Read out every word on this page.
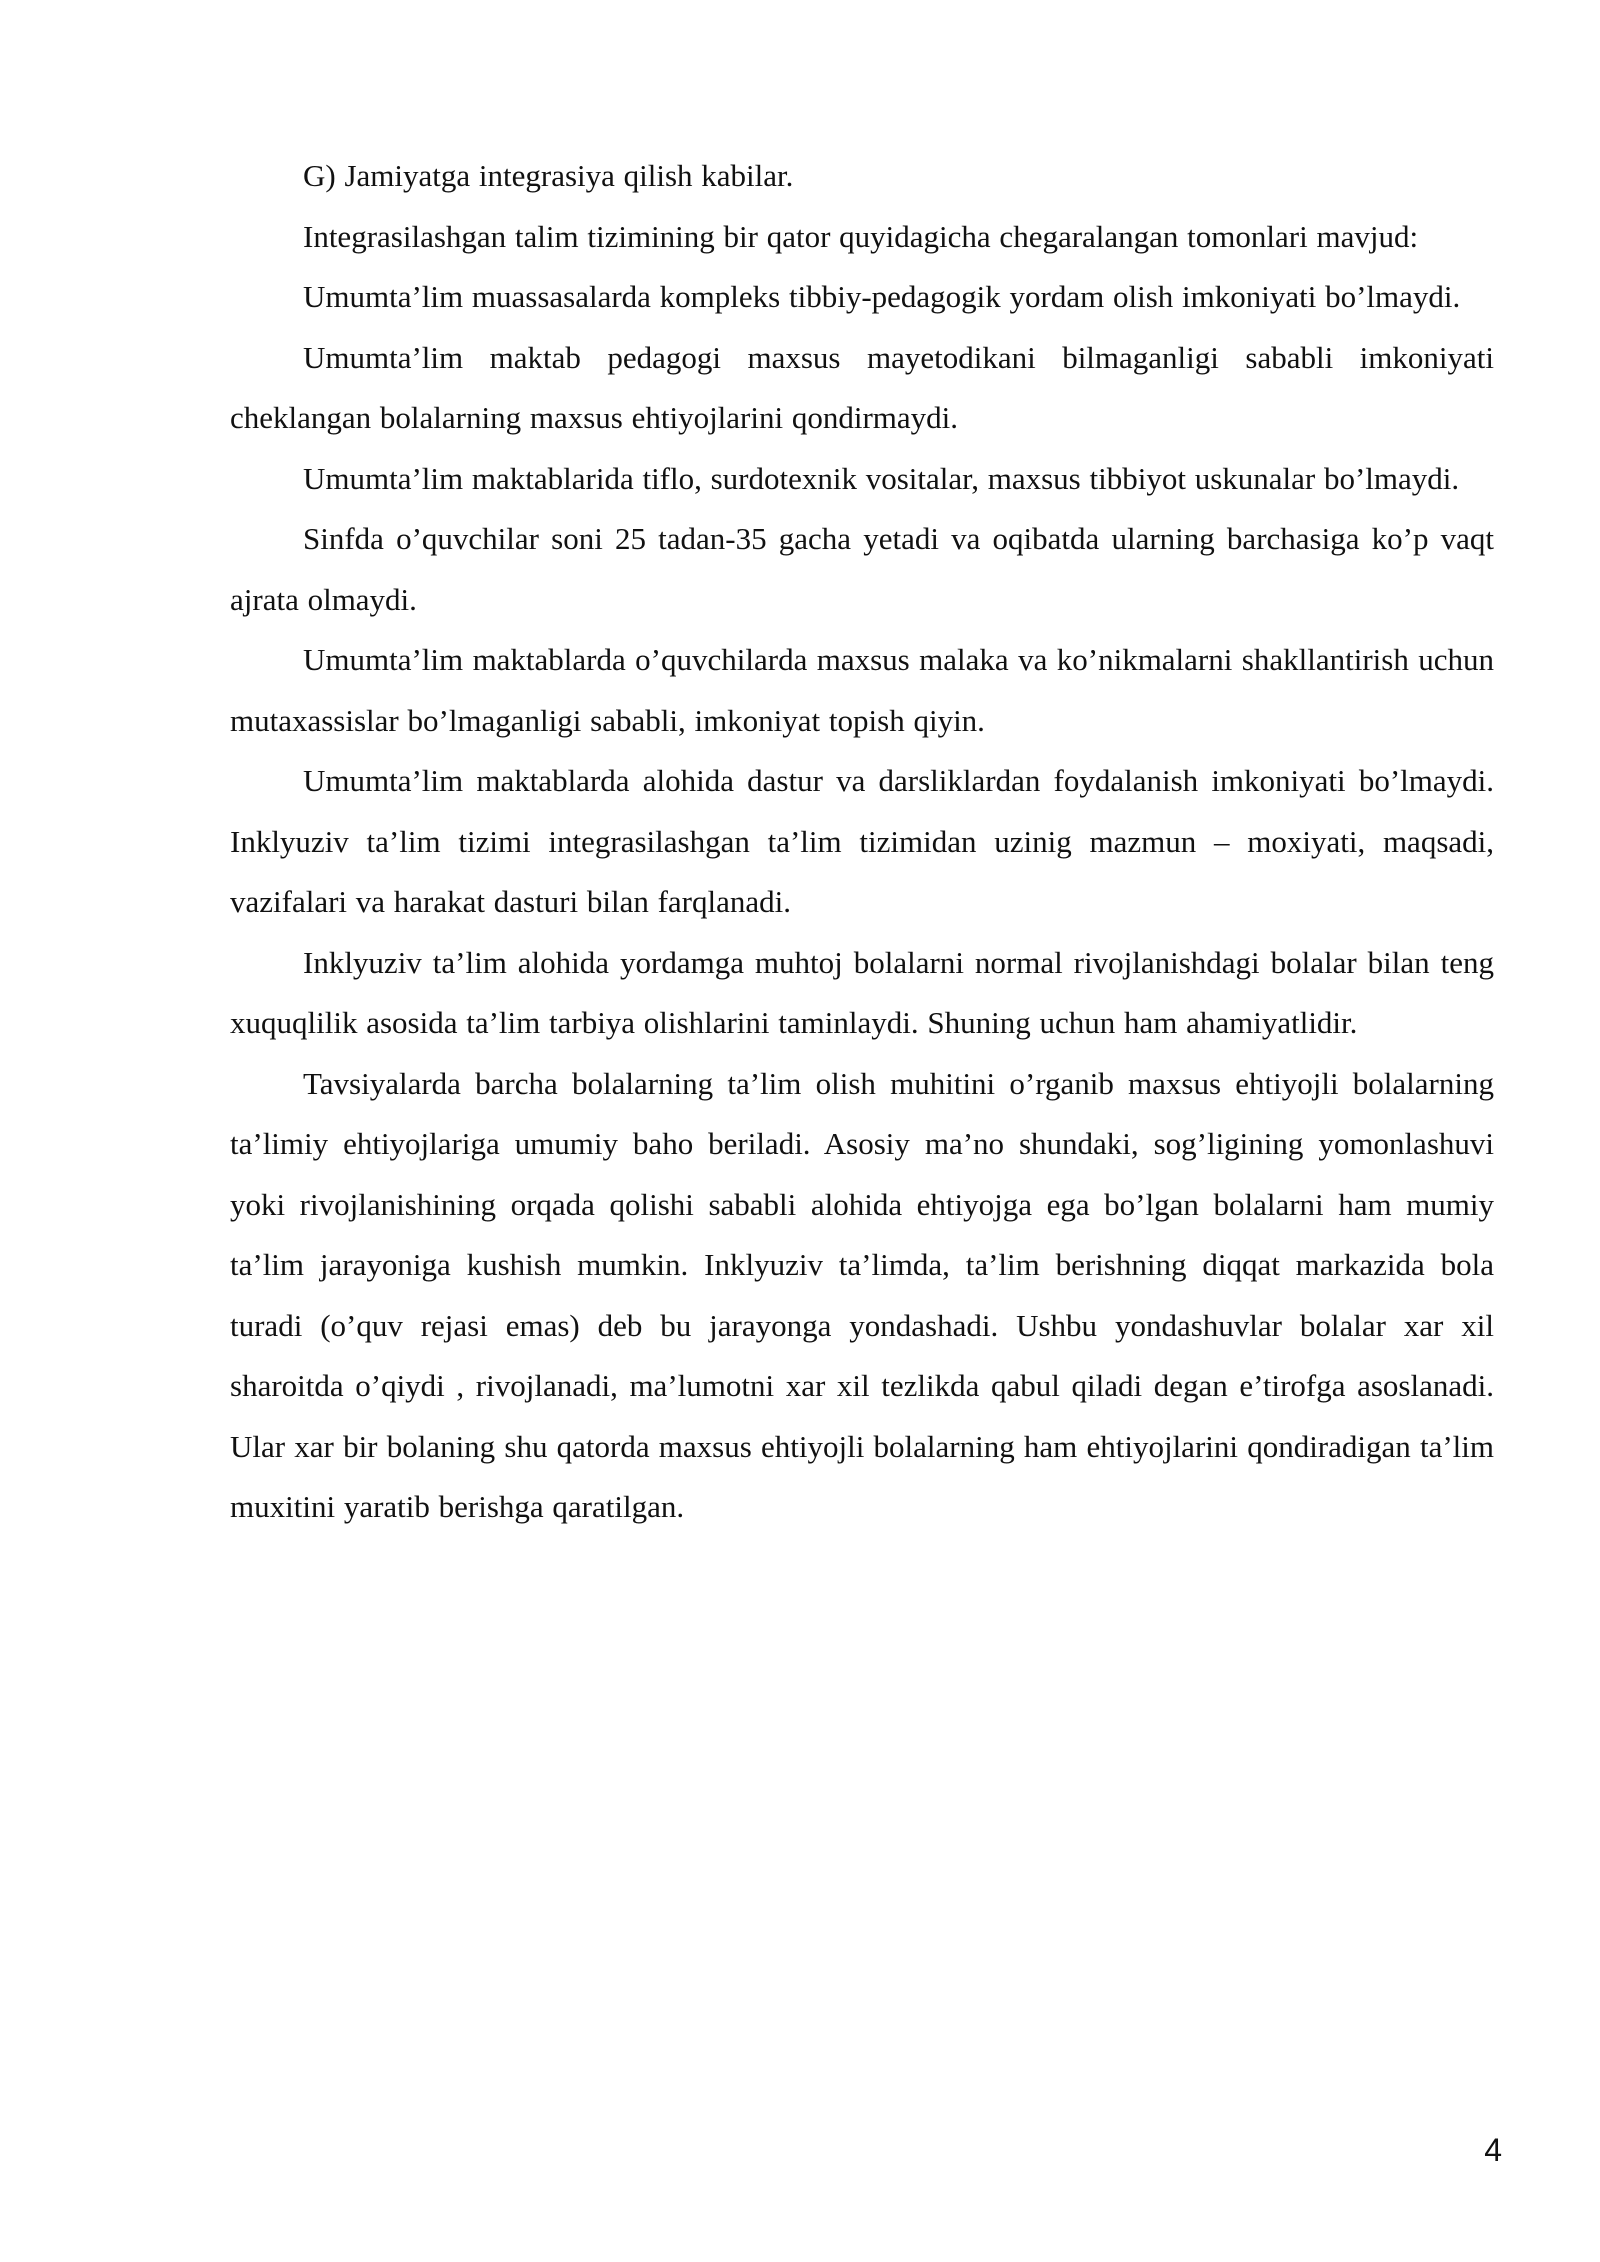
G) Jamiyatga integrasiya qilish kabilar.

Integrasilashgan talim tizimining bir qator quyidagicha chegaralangan tomonlari mavjud:

Umumta’lim muassasalarda kompleks tibbiy-pedagogik yordam olish imkoniyati bo’lmaydi.

Umumta’lim maktab pedagogi maxsus mayetodikani bilmaganligi sababli imkoniyati cheklangan bolalarning maxsus ehtiyojlarini qondirmaydi.

Umumta’lim maktablarida tiflo, surdotexnik vositalar, maxsus tibbiyot uskunalar bo’lmaydi.

Sinfda o’quvchilar soni 25 tadan-35 gacha yetadi va oqibatda ularning barchasiga ko’p vaqt ajrata olmaydi.

Umumta’lim maktablarda o’quvchilarda maxsus malaka va ko’nikmalarni shakllantirish uchun mutaxassislar bo’lmaganligi sababli, imkoniyat topish qiyin.

Umumta’lim maktablarda alohida dastur va darsliklardan foydalanish imkoniyati bo’lmaydi. Inklyuziv ta’lim tizimi integrasilashgan ta’lim tizimidan uzinig mazmun – moxiyati, maqsadi, vazifalari va harakat dasturi bilan farqlanadi.

Inklyuziv ta’lim alohida yordamga muhtoj bolalarni normal rivojlanishdagi bolalar bilan teng xuquqlilik asosida ta’lim tarbiya olishlarini taminlaydi. Shuning uchun ham ahamiyatlidir.

Tavsiyalarda barcha bolalarning ta’lim olish muhitini o’rganib maxsus ehtiyojli bolalarning ta’limiy ehtiyojlariga umumiy baho beriladi. Asosiy ma’no shundaki, sog’ligining yomonlashuvi yoki rivojlanishining orqada qolishi sababli alohida ehtiyojga ega bo’lgan bolalarni ham mumiy ta’lim jarayoniga kushish mumkin. Inklyuziv ta’limda, ta’lim berishning diqqat markazida bola turadi (o’quv rejasi emas) deb bu jarayonga yondashadi. Ushbu yondashuvlar bolalar xar xil sharoitda o’qiydi , rivojlanadi, ma’lumotni xar xil tezlikda qabul qiladi degan e’tirofga asoslanadi. Ular xar bir bolaning shu qatorda maxsus ehtiyojli bolalarning ham ehtiyojlarini qondiradigan ta’lim muxitini yaratib berishga qaratilgan.

4
